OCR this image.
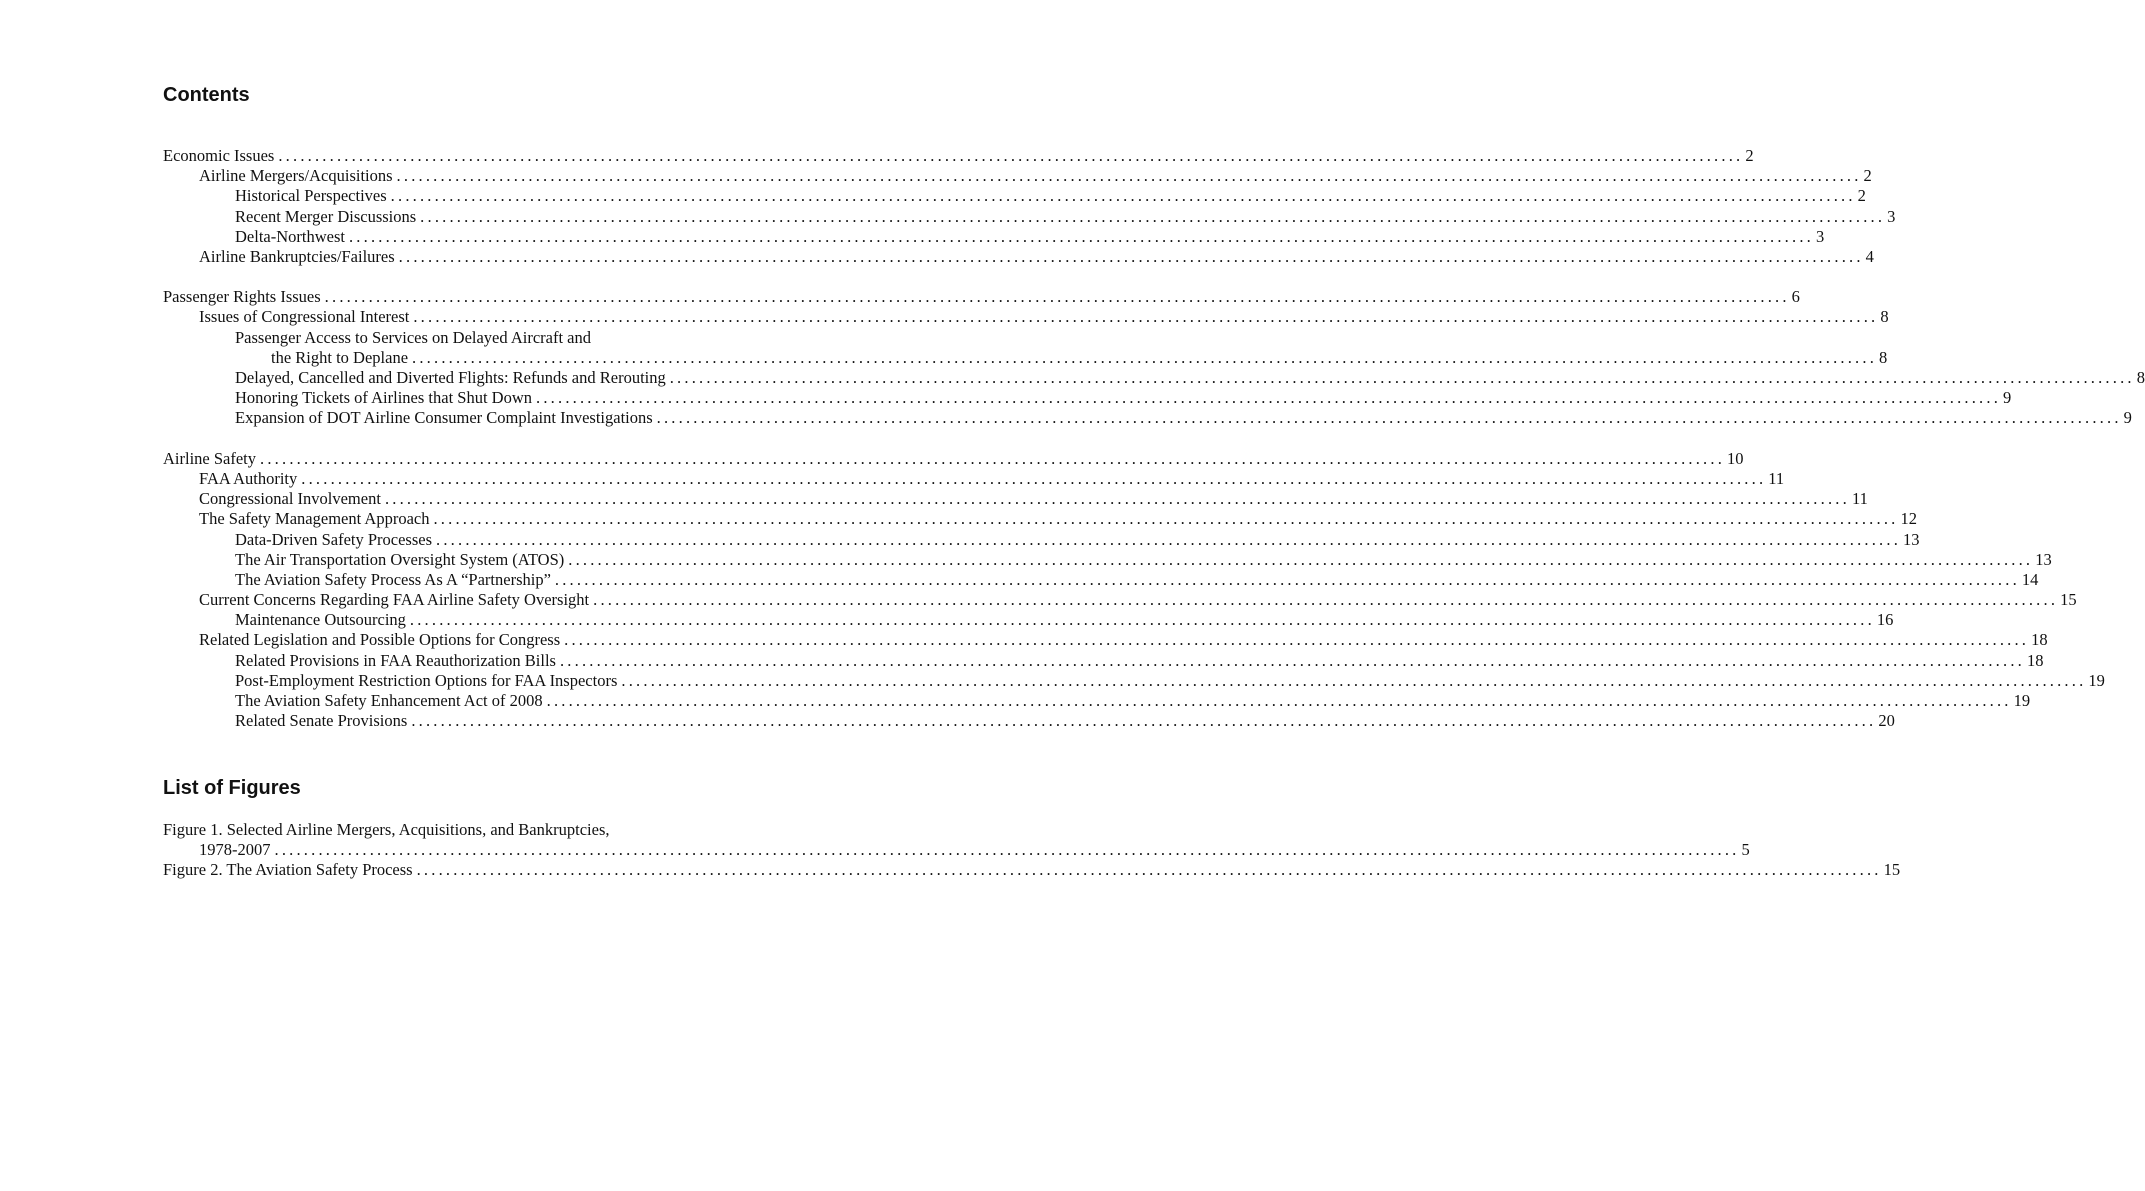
Contents
Economic Issues ........................................................................................................................................................................................................ 2
Airline Mergers/Acquisitions ........................................................................................................................................................................................................ 2
Historical Perspectives ........................................................................................................................................................................................................ 2
Recent Merger Discussions ........................................................................................................................................................................................................ 3
Delta-Northwest ........................................................................................................................................................................................................ 3
Airline Bankruptcies/Failures ........................................................................................................................................................................................................ 4
Passenger Rights Issues ........................................................................................................................................................................................................ 6
Issues of Congressional Interest ........................................................................................................................................................................................................ 8
Passenger Access to Services on Delayed Aircraft and
the Right to Deplane ........................................................................................................................................................................................................ 8
Delayed, Cancelled and Diverted Flights: Refunds and Rerouting ........................................................................................................................................................................................................ 8
Honoring Tickets of Airlines that Shut Down ........................................................................................................................................................................................................ 9
Expansion of DOT Airline Consumer Complaint Investigations ........................................................................................................................................................................................................ 9
Airline Safety ........................................................................................................................................................................................................ 10
FAA Authority ........................................................................................................................................................................................................ 11
Congressional Involvement ........................................................................................................................................................................................................ 11
The Safety Management Approach ........................................................................................................................................................................................................ 12
Data-Driven Safety Processes ........................................................................................................................................................................................................ 13
The Air Transportation Oversight System (ATOS) ........................................................................................................................................................................................................ 13
The Aviation Safety Process As A “Partnership” ........................................................................................................................................................................................................ 14
Current Concerns Regarding FAA Airline Safety Oversight ........................................................................................................................................................................................................ 15
Maintenance Outsourcing ........................................................................................................................................................................................................ 16
Related Legislation and Possible Options for Congress ........................................................................................................................................................................................................ 18
Related Provisions in FAA Reauthorization Bills ........................................................................................................................................................................................................ 18
Post-Employment Restriction Options for FAA Inspectors ........................................................................................................................................................................................................ 19
The Aviation Safety Enhancement Act of 2008 ........................................................................................................................................................................................................ 19
Related Senate Provisions ........................................................................................................................................................................................................ 20
List of Figures
Figure 1. Selected Airline Mergers, Acquisitions, and Bankruptcies,
1978-2007 ........................................................................................................................................................................................................ 5
Figure 2. The Aviation Safety Process ........................................................................................................................................................................................................ 15
